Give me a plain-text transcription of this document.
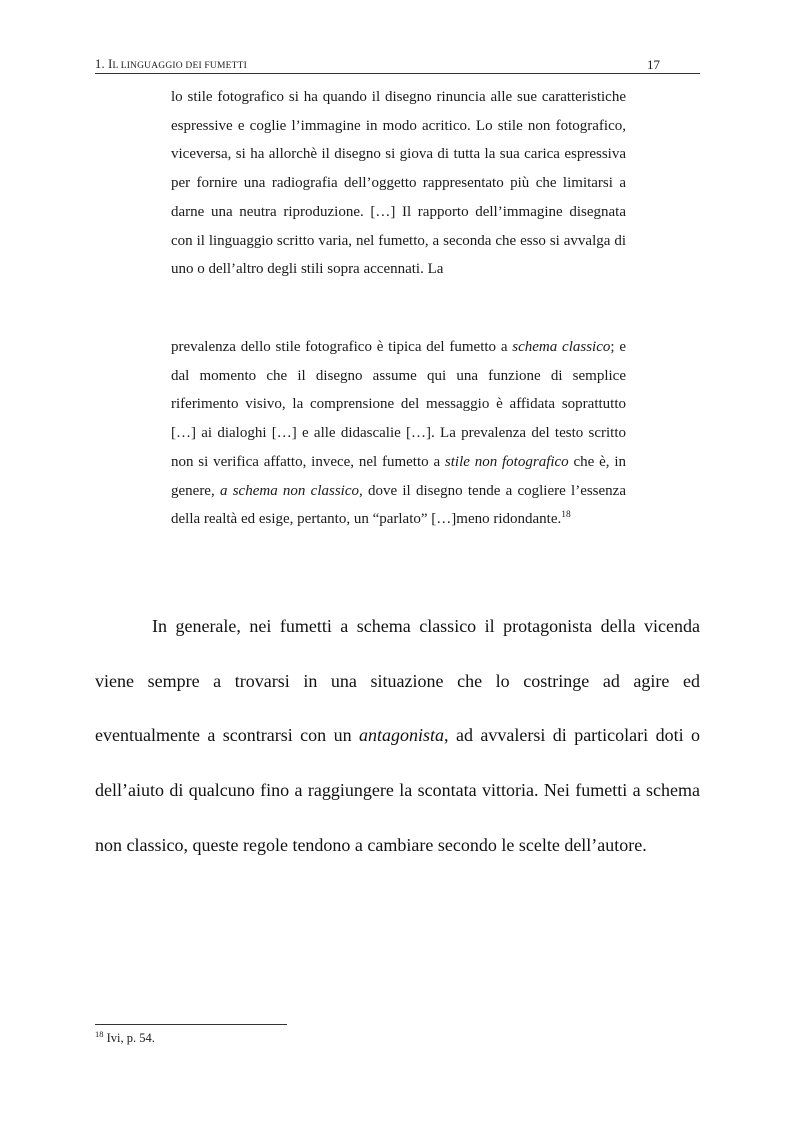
1. IL LINGUAGGIO DEI FUMETTI	17

lo stile fotografico si ha quando il disegno rinuncia alle sue caratteristiche espressive e coglie l’immagine in modo acritico. Lo stile non fotografico, viceversa, si ha allorchè il disegno si giova di tutta la sua carica espressiva per fornire una radiografia dell’oggetto rappresentato più che limitarsi a darne una neutra riproduzione. […] Il rapporto dell’immagine disegnata con il linguaggio scritto varia, nel fumetto, a seconda che esso si avvalga di uno o dell’altro degli stili sopra accennati. La

prevalenza dello stile fotografico è tipica del fumetto a schema classico; e dal momento che il disegno assume qui una funzione di semplice riferimento visivo, la comprensione del messaggio è affidata soprattutto […] ai dialoghi […] e alle didascalie […]. La prevalenza del testo scritto non si verifica affatto, invece, nel fumetto a stile non fotografico che è, in genere, a schema non classico, dove il disegno tende a cogliere l’essenza della realtà ed esige, pertanto, un “parlato” […]meno ridondante.$^{18}$

In generale, nei fumetti a schema classico il protagonista della vicenda viene sempre a trovarsi in una situazione che lo costringe ad agire ed eventualmente a scontrarsi con un antagonista, ad avvalersi di particolari doti o dell’aiuto di qualcuno fino a raggiungere la scontata vittoria. Nei fumetti a schema non classico, queste regole tendono a cambiare secondo le scelte dell’autore.

$^{18}$ Ivi, p. 54.
